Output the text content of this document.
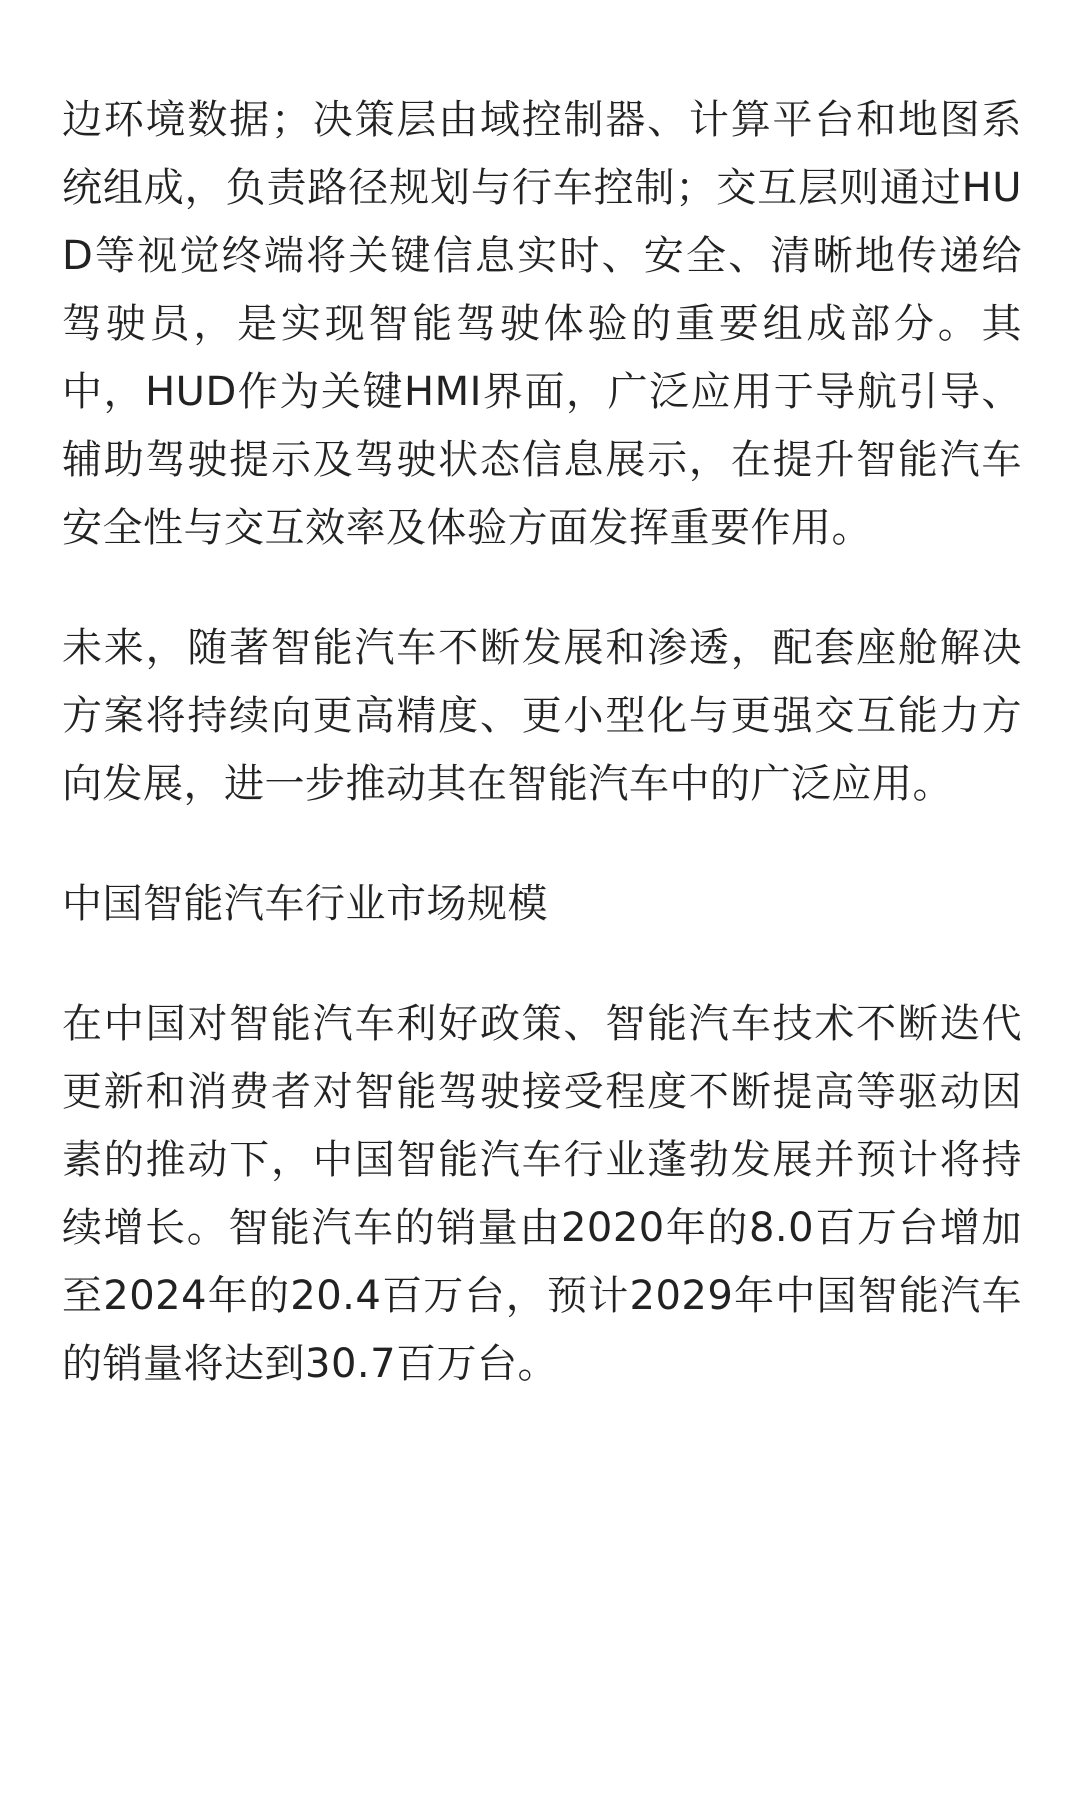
边环境数据；决策层由域控制器、计算平台和地图系统组成，负责路径规划与行车控制；交互层则通过HUD等视觉终端将关键信息实时、安全、清晰地传递给驾驶员，是实现智能驾驶体验的重要组成部分。其中，HUD作为关键HMI界面，广泛应用于导航引导、辅助驾驶提示及驾驶状态信息展示，在提升智能汽车安全性与交互效率及体验方面发挥重要作用。

未来，随著智能汽车不断发展和渗透，配套座舱解决方案将持续向更高精度、更小型化与更强交互能力方向发展，进一步推动其在智能汽车中的广泛应用。

中国智能汽车行业市场规模

在中国对智能汽车利好政策、智能汽车技术不断迭代更新和消费者对智能驾驶接受程度不断提高等驱动因素的推动下，中国智能汽车行业蓬勃发展并预计将持续增长。智能汽车的销量由2020年的8.0百万台增加至2024年的20.4百万台，预计2029年中国智能汽车的销量将达到30.7百万台。
